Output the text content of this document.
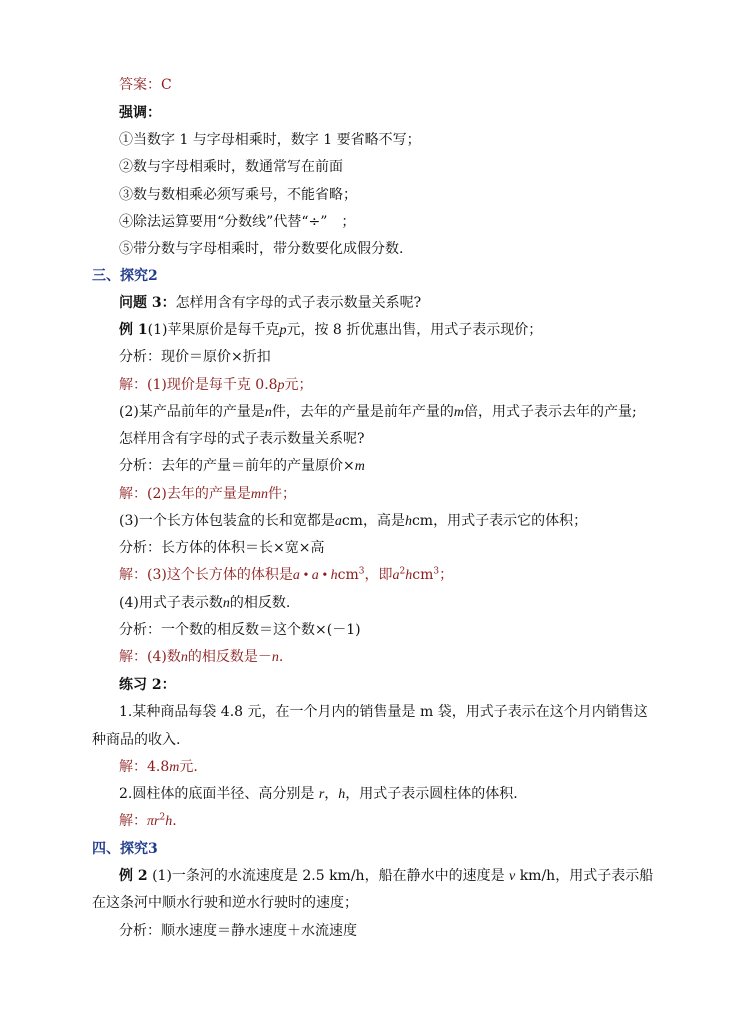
答案：C
强调：
①当数字 1 与字母相乘时，数字 1 要省略不写；
②数与字母相乘时，数通常写在前面
③数与数相乘必须写乘号，不能省略；
④除法运算要用“分数线”代替“÷”　；
⑤带分数与字母相乘时，带分数要化成假分数.
三、探究2
问题 3：怎样用含有字母的式子表示数量关系呢?
例 1(1)苹果原价是每千克p元，按 8 折优惠出售，用式子表示现价；
分析：现价＝原价×折扣
解：(1)现价是每千克 0.8p元；
(2)某产品前年的产量是n件，去年的产量是前年产量的m倍，用式子表示去年的产量;
怎样用含有字母的式子表示数量关系呢?
分析：去年的产量＝前年的产量原价×m
解：(2)去年的产量是mn件；
(3)一个长方体包装盒的长和宽都是acm，高是hcm，用式子表示它的体积；
分析：长方体的体积＝长×宽×高
解：(3)这个长方体的体积是a • a • hcm$^3$，即$a^2hcm^3$；
(4)用式子表示数n的相反数.
分析：一个数的相反数＝这个数×(－1)
解：(4)数n的相反数是－n.
练习 2：
1.某种商品每袋 4.8 元，在一个月内的销售量是 m 袋，用式子表示在这个月内销售这
种商品的收入.
解：4.8m元.
2.圆柱体的底面半径、高分别是 r，h，用式子表示圆柱体的体积.
解：$\pi r^2h$.
四、探究3
例 2 (1)一条河的水流速度是 2.5 km/h，船在静水中的速度是 v km/h，用式子表示船
在这条河中顺水行驶和逆水行驶时的速度；
分析：顺水速度＝静水速度＋水流速度
